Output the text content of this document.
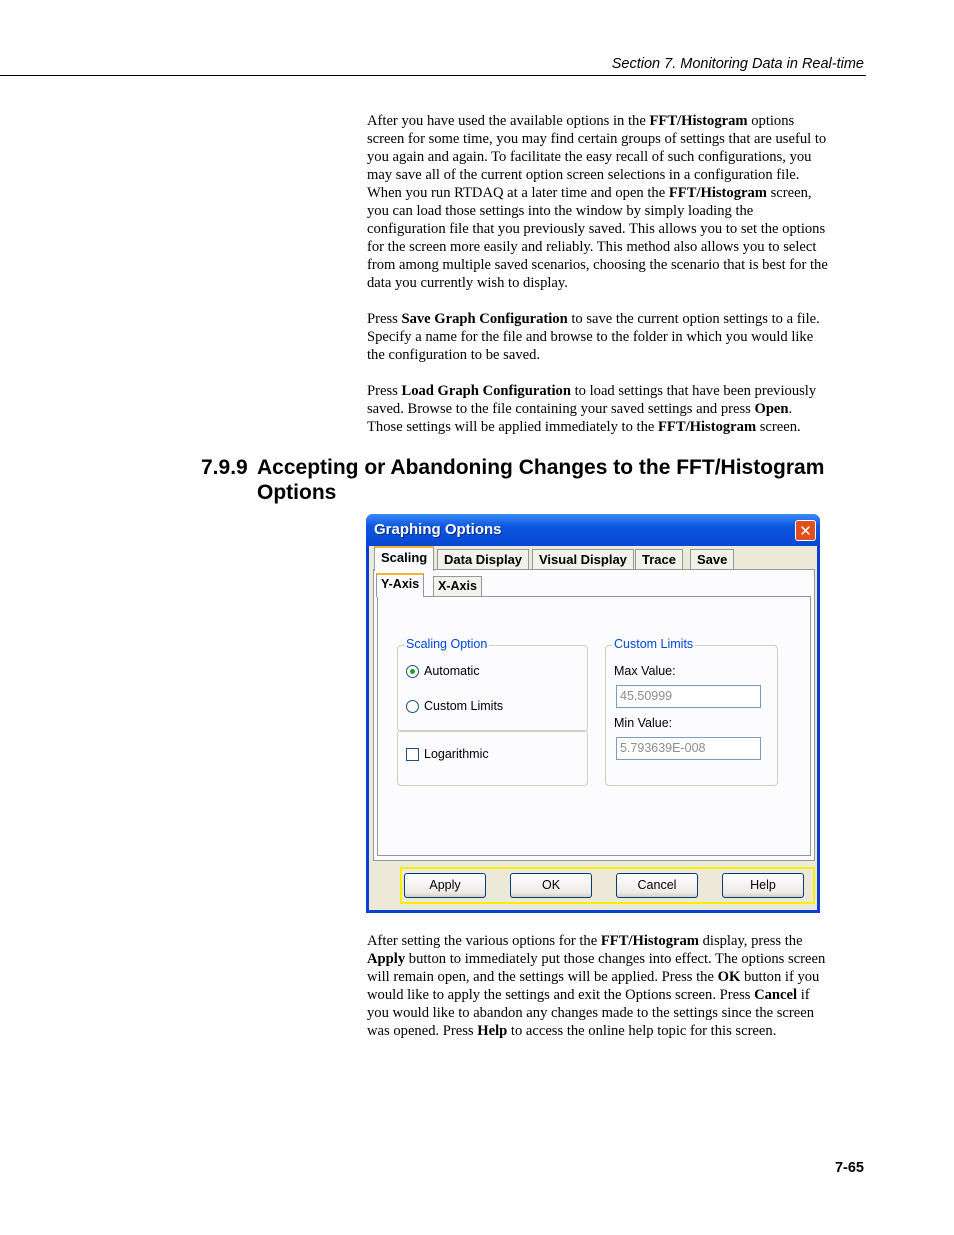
Section 7. Monitoring Data in Real-time
After you have used the available options in the FFT/Histogram options
screen for some time, you may find certain groups of settings that are useful to
you again and again. To facilitate the easy recall of such configurations, you
may save all of the current option screen selections in a configuration file.
When you run RTDAQ at a later time and open the FFT/Histogram screen,
you can load those settings into the window by simply loading the
configuration file that you previously saved. This allows you to set the options
for the screen more easily and reliably. This method also allows you to select
from among multiple saved scenarios, choosing the scenario that is best for the
data you currently wish to display.
Press Save Graph Configuration to save the current option settings to a file.
Specify a name for the file and browse to the folder in which you would like
the configuration to be saved.
Press Load Graph Configuration to load settings that have been previously
saved. Browse to the file containing your saved settings and press Open.
Those settings will be applied immediately to the FFT/Histogram screen.
7.9.9 Accepting or Abandoning Changes to the FFT/Histogram
Options
Graphing Options	✕
Scaling	Data Display	Visual Display	Trace	Save
Y-Axis	X-Axis
Scaling Option
Automatic
Custom Limits
Logarithmic
Custom Limits
Max Value:
45.50999
Min Value:
5.793639E-008
Apply	OK	Cancel	Help
After setting the various options for the FFT/Histogram display, press the
Apply button to immediately put those changes into effect. The options screen
will remain open, and the settings will be applied. Press the OK button if you
would like to apply the settings and exit the Options screen. Press Cancel if
you would like to abandon any changes made to the settings since the screen
was opened. Press Help to access the online help topic for this screen.
7-65
